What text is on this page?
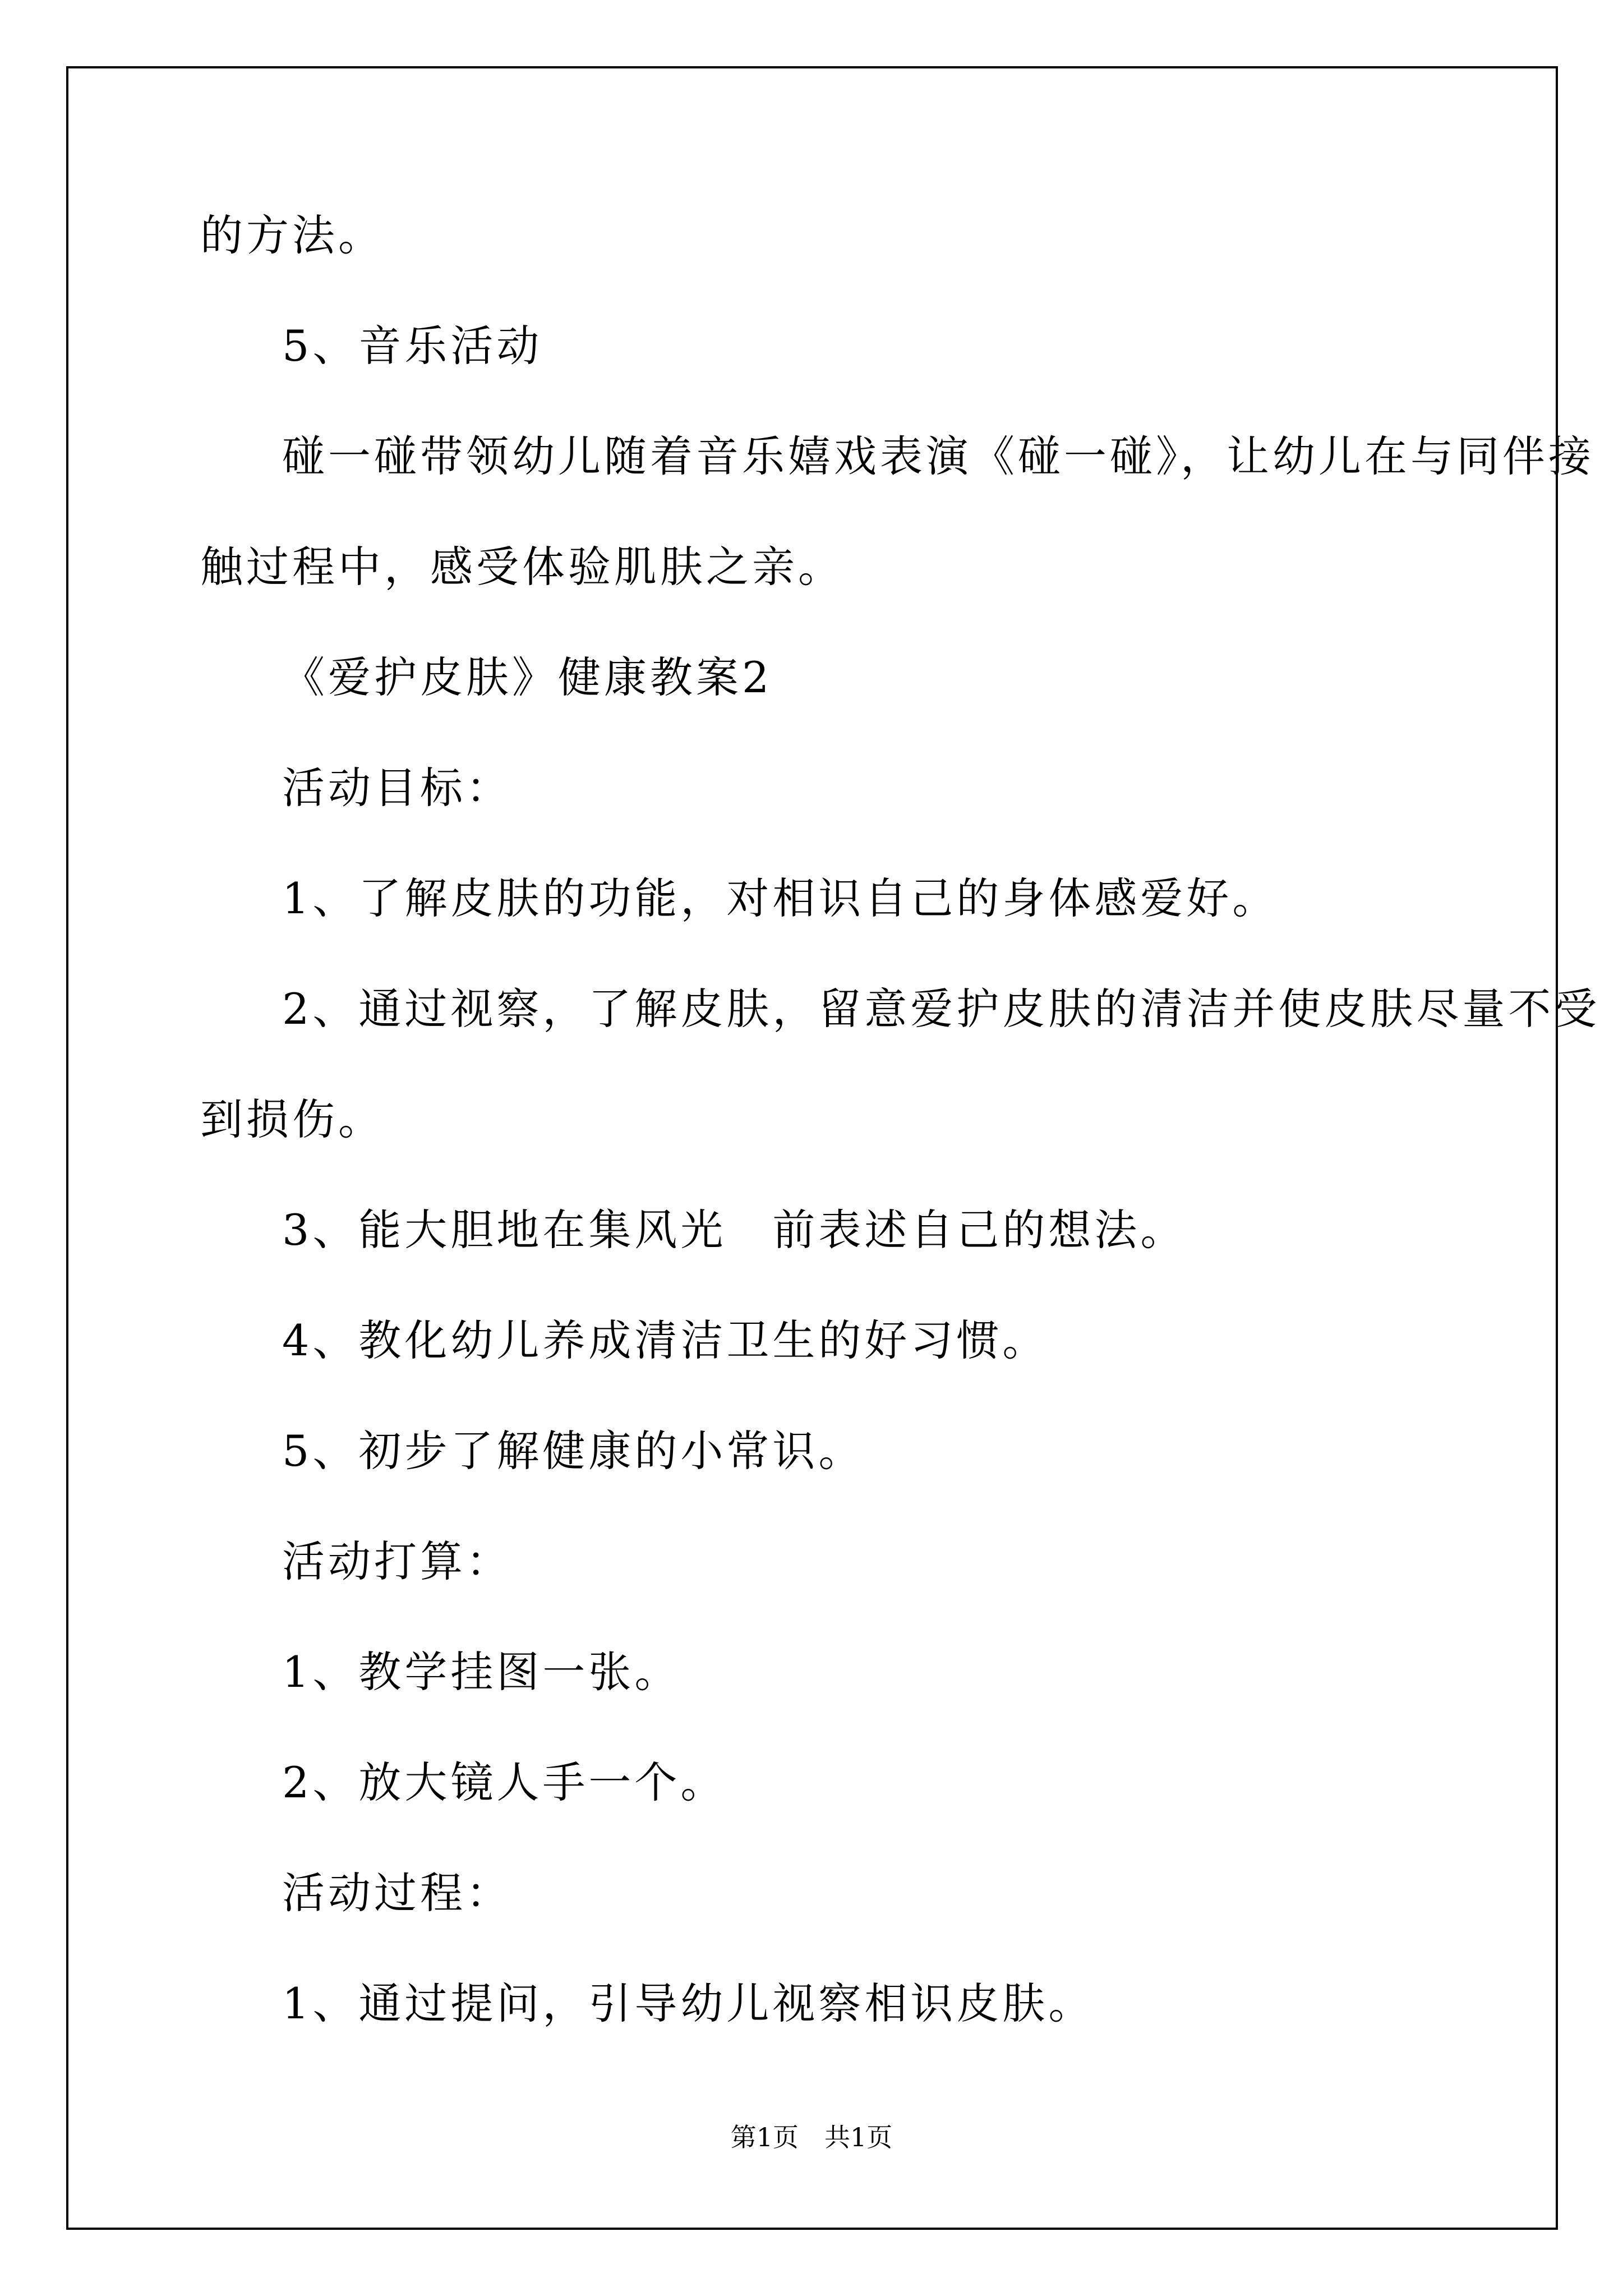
的方法。
5、音乐活动
碰一碰带领幼儿随着音乐嬉戏表演《碰一碰》，让幼儿在与同伴接
触过程中，感受体验肌肤之亲。
《爱护皮肤》健康教案2
活动目标：
1、了解皮肤的功能，对相识自己的身体感爱好。
2、通过视察，了解皮肤，留意爱护皮肤的清洁并使皮肤尽量不受
到损伤。
3、能大胆地在集风光　前表述自己的想法。
4、教化幼儿养成清洁卫生的好习惯。
5、初步了解健康的小常识。
活动打算：
1、教学挂图一张。
2、放大镜人手一个。
活动过程：
1、通过提问，引导幼儿视察相识皮肤。
第1页　共1页
